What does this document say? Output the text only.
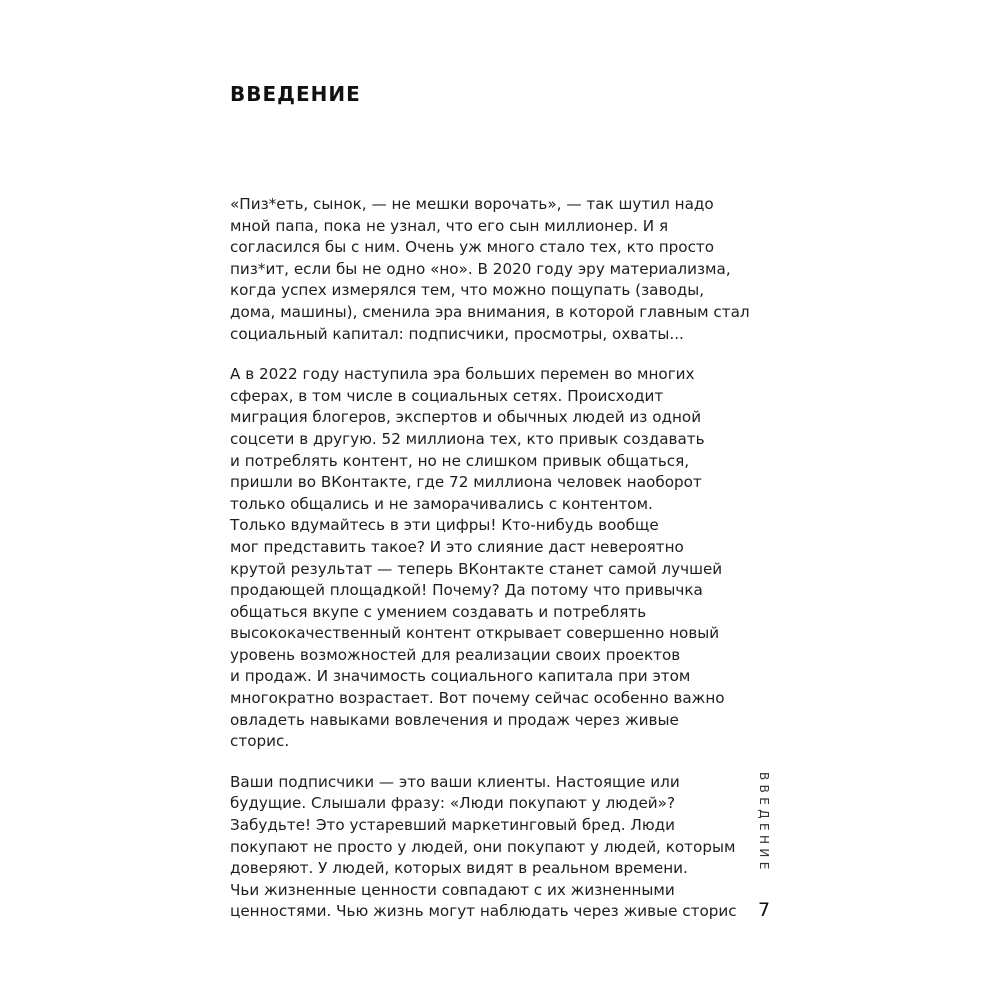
ВВЕДЕНИЕ

«Пиз*еть, сынок, — не мешки ворочать», — так шутил надо
мной папа, пока не узнал, что его сын миллионер. И я
согласился бы с ним. Очень уж много стало тех, кто просто
пиз*ит, если бы не одно «но». В 2020 году эру материализма,
когда успех измерялся тем, что можно пощупать (заводы,
дома, машины), сменила эра внимания, в которой главным стал
социальный капитал: подписчики, просмотры, охваты...

А в 2022 году наступила эра больших перемен во многих
сферах, в том числе в социальных сетях. Происходит
миграция блогеров, экспертов и обычных людей из одной
соцсети в другую. 52 миллиона тех, кто привык создавать
и потреблять контент, но не слишком привык общаться,
пришли во ВКонтакте, где 72 миллиона человек наоборот
только общались и не заморачивались с контентом.
Только вдумайтесь в эти цифры! Кто-нибудь вообще
мог представить такое? И это слияние даст невероятно
крутой результат — теперь ВКонтакте станет самой лучшей
продающей площадкой! Почему? Да потому что привычка
общаться вкупе с умением создавать и потреблять
высококачественный контент открывает совершенно новый
уровень возможностей для реализации своих проектов
и продаж. И значимость социального капитала при этом
многократно возрастает. Вот почему сейчас особенно важно
овладеть навыками вовлечения и продаж через живые
сторис.

Ваши подписчики — это ваши клиенты. Настоящие или
будущие. Слышали фразу: «Люди покупают у людей»?
Забудьте! Это устаревший маркетинговый бред. Люди
покупают не просто у людей, они покупают у людей, которым
доверяют. У людей, которых видят в реальном времени.
Чьи жизненные ценности совпадают с их жизненными
ценностями. Чью жизнь могут наблюдать через живые сторис

ВВЕДЕНИЕ
7
